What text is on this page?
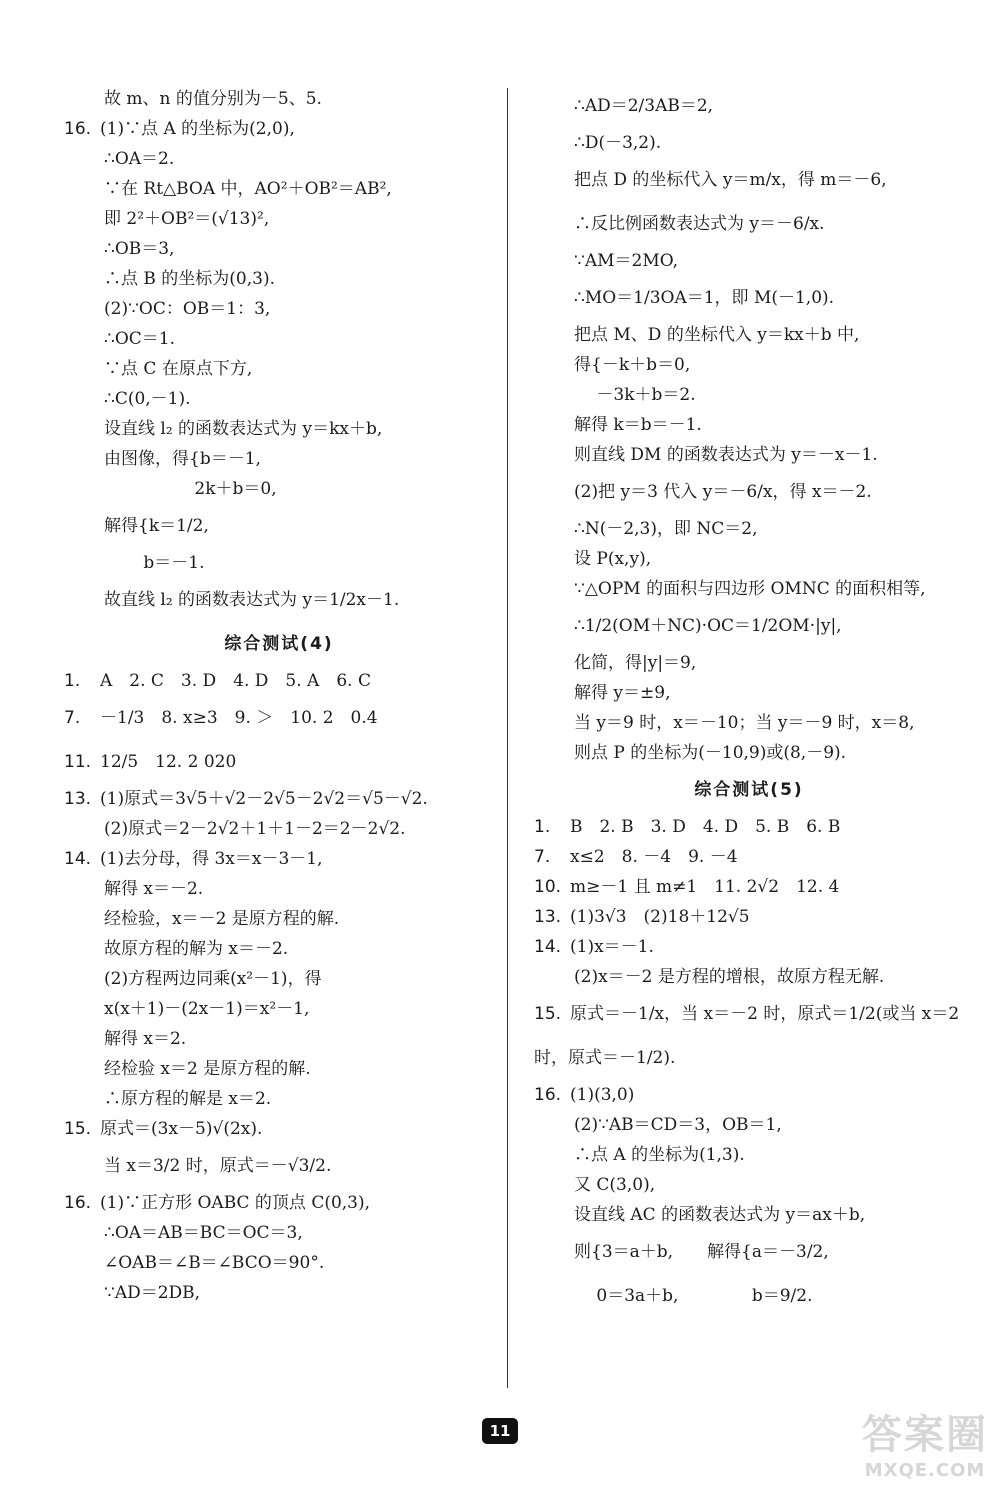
故 m、n 的值分别为－5、5.
16. (1)∵点 A 的坐标为(2,0),
∴OA＝2.
∵在 Rt△BOA 中，AO²＋OB²＝AB²,
即 2²＋OB²＝(√13)²,
∴OB＝3,
∴点 B 的坐标为(0,3).
(2)∵OC：OB＝1：3,
∴OC＝1.
∵点 C 在原点下方,
∴C(0,－1).
设直线 l₂ 的函数表达式为 y＝kx＋b,
由图像，得{b＝－1,
　　　　　 2k＋b＝0,
解得{k＝1/2,
　　 b＝－1.
故直线 l₂ 的函数表达式为 y＝1/2x－1.
综合测试(4)
1. A　2. C　3. D　4. D　5. A　6. C
7. －1/3　8. x≥3　9. ＞　10. 2　0.4
11. 12/5　12. 2 020
13. (1)原式＝3√5＋√2－2√5－2√2＝√5－√2.
(2)原式＝2－2√2＋1＋1－2＝2－2√2.
14. (1)去分母，得 3x＝x－3－1,
解得 x＝－2.
经检验，x＝－2 是原方程的解.
故原方程的解为 x＝－2.
(2)方程两边同乘(x²－1)，得
x(x＋1)－(2x－1)＝x²－1,
解得 x＝2.
经检验 x＝2 是原方程的解.
∴原方程的解是 x＝2.
15. 原式＝(3x－5)√(2x).
当 x＝3/2 时，原式＝－√3/2.
16. (1)∵正方形 OABC 的顶点 C(0,3),
∴OA＝AB＝BC＝OC＝3,
∠OAB＝∠B＝∠BCO＝90°.
∵AD＝2DB,
∴AD＝2/3AB＝2,
∴D(－3,2).
把点 D 的坐标代入 y＝m/x，得 m＝－6,
∴反比例函数表达式为 y＝－6/x.
∵AM＝2MO,
∴MO＝1/3OA＝1，即 M(－1,0).
把点 M、D 的坐标代入 y＝kx＋b 中,
得{－k＋b＝0,
　 －3k＋b＝2.
解得 k＝b＝－1.
则直线 DM 的函数表达式为 y＝－x－1.
(2)把 y＝3 代入 y＝－6/x，得 x＝－2.
∴N(－2,3)，即 NC＝2,
设 P(x,y),
∵△OPM 的面积与四边形 OMNC 的面积相等,
∴1/2(OM＋NC)·OC＝1/2OM·|y|,
化简，得|y|＝9,
解得 y＝±9,
当 y＝9 时，x＝－10；当 y＝－9 时，x＝8,
则点 P 的坐标为(－10,9)或(8,－9).
综合测试(5)
1. B　2. B　3. D　4. D　5. B　6. B
7. x≤2　8. －4　9. －4
10. m≥－1 且 m≠1　11. 2√2　12. 4
13. (1)3√3　(2)18＋12√5
14. (1)x＝－1.
(2)x＝－2 是方程的增根，故原方程无解.
15. 原式＝－1/x，当 x＝－2 时，原式＝1/2(或当 x＝2
时，原式＝－1/2).
16. (1)(3,0)
(2)∵AB＝CD＝3，OB＝1,
∴点 A 的坐标为(1,3).
又 C(3,0),
设直线 AC 的函数表达式为 y＝ax＋b,
则{3＝a＋b,　　解得{a＝－3/2,
　 0＝3a＋b,　　　　 b＝9/2.
11	答案圈
MXQE.COM
